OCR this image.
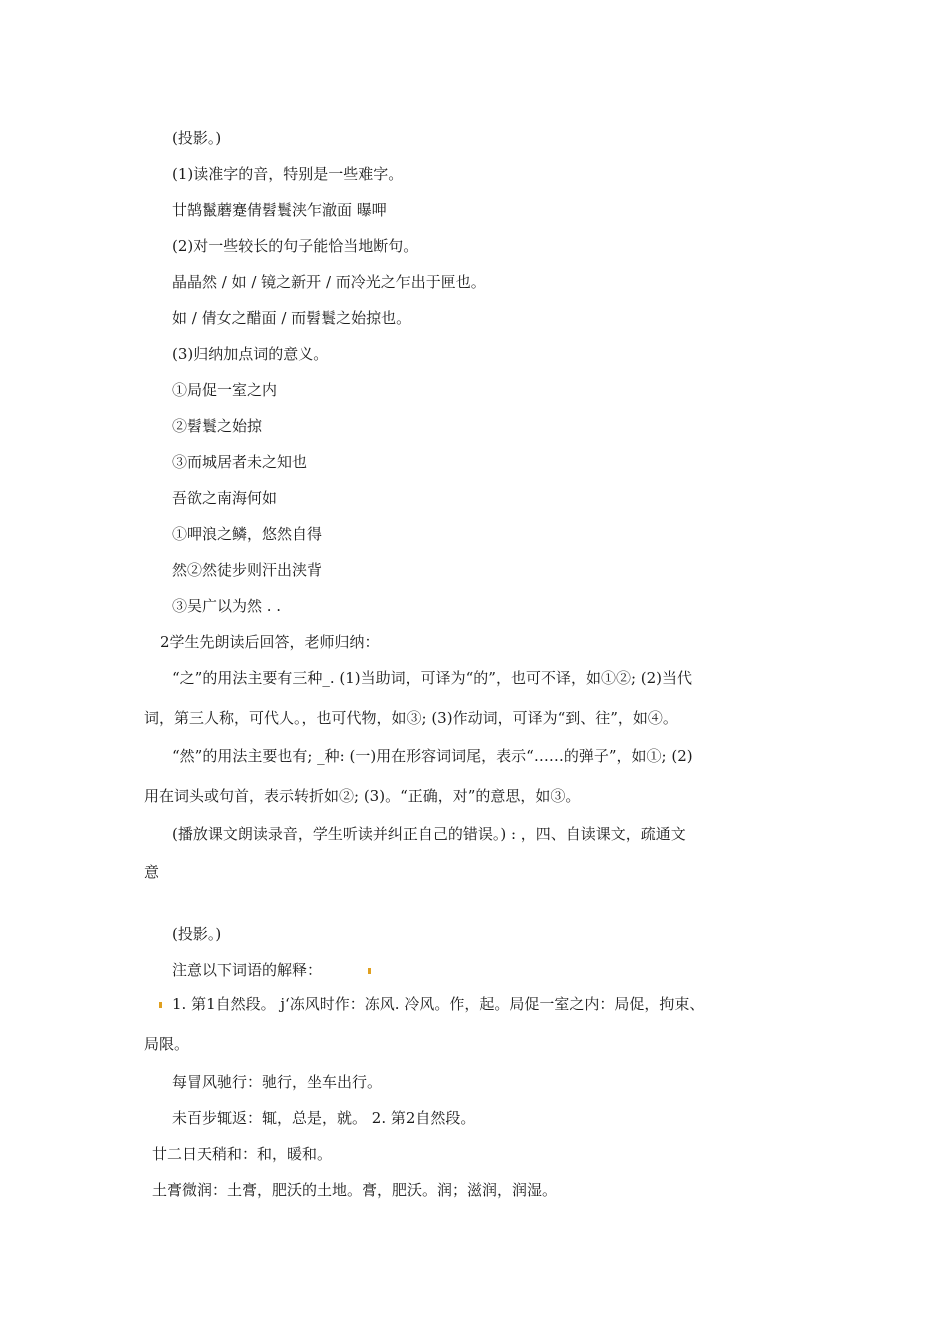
(投影。)
(1)读准字的音，特别是一些难字。
廿鹄鬣蘑蹇倩髫鬟浃乍澈面 曝呷
(2)对一些较长的句子能恰当地断句。
晶晶然 / 如 / 镜之新开 / 而冷光之乍出于匣也。
如 / 倩女之醋面 / 而髫鬟之始掠也。
(3)归纳加点词的意义。
①局促一室之内
②髫鬟之始掠
③而城居者未之知也
吾欲之南海何如
①呷浪之鳞，悠然自得
然②然徒步则汗出浃背
③吴广以为然 . .
2学生先朗读后回答，老师归纳：
“之”的用法主要有三种_. (1)当助词，可译为“的”，也可不译，如①②; (2)当代
词，第三人称，可代人。，也可代物，如③; (3)作动词，可译为“到、往”，如④。
“然”的用法主要也有; _种: (一)用在形容词词尾，表示“……的弹子”，如①; (2)
用在词头或句首，表示转折如②; (3)。“正确，对”的意思，如③。
(播放课文朗读录音，学生听读并纠正自己的错误。) : ，四、自读课文，疏通文
意
(投影。)
注意以下词语的解释：
1. 第1自然段。 j‘冻风时作：冻风. 冷风。作，起。局促一室之内：局促，拘束、
局限。
每冒风驰行：驰行，坐车出行。
未百步辄返：辄，总是，就。 2. 第2自然段。
廿二日天稍和：和，暖和。
土膏微润：土膏，肥沃的土地。膏，肥沃。润；滋润，润湿。
